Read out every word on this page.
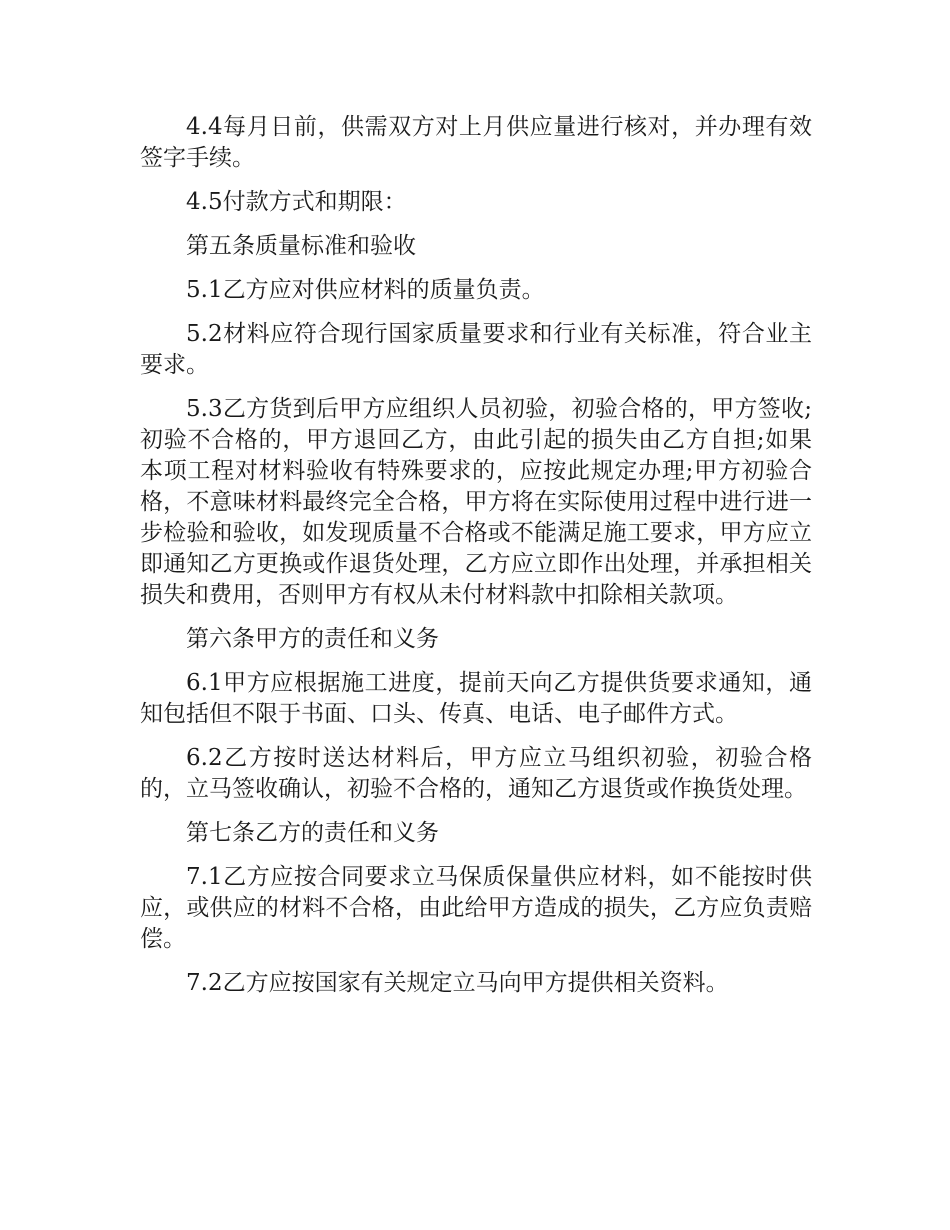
4.4每月日前，供需双方对上月供应量进行核对，并办理有效签字手续。

4.5付款方式和期限：

第五条质量标准和验收

5.1乙方应对供应材料的质量负责。

5.2材料应符合现行国家质量要求和行业有关标准，符合业主要求。

5.3乙方货到后甲方应组织人员初验，初验合格的，甲方签收;初验不合格的，甲方退回乙方，由此引起的损失由乙方自担;如果本项工程对材料验收有特殊要求的，应按此规定办理;甲方初验合格，不意味材料最终完全合格，甲方将在实际使用过程中进行进一步检验和验收，如发现质量不合格或不能满足施工要求，甲方应立即通知乙方更换或作退货处理，乙方应立即作出处理，并承担相关损失和费用，否则甲方有权从未付材料款中扣除相关款项。

第六条甲方的责任和义务

6.1甲方应根据施工进度，提前天向乙方提供货要求通知，通知包括但不限于书面、口头、传真、电话、电子邮件方式。

6.2乙方按时送达材料后，甲方应立马组织初验，初验合格的，立马签收确认，初验不合格的，通知乙方退货或作换货处理。

第七条乙方的责任和义务

7.1乙方应按合同要求立马保质保量供应材料，如不能按时供应，或供应的材料不合格，由此给甲方造成的损失，乙方应负责赔偿。

7.2乙方应按国家有关规定立马向甲方提供相关资料。
